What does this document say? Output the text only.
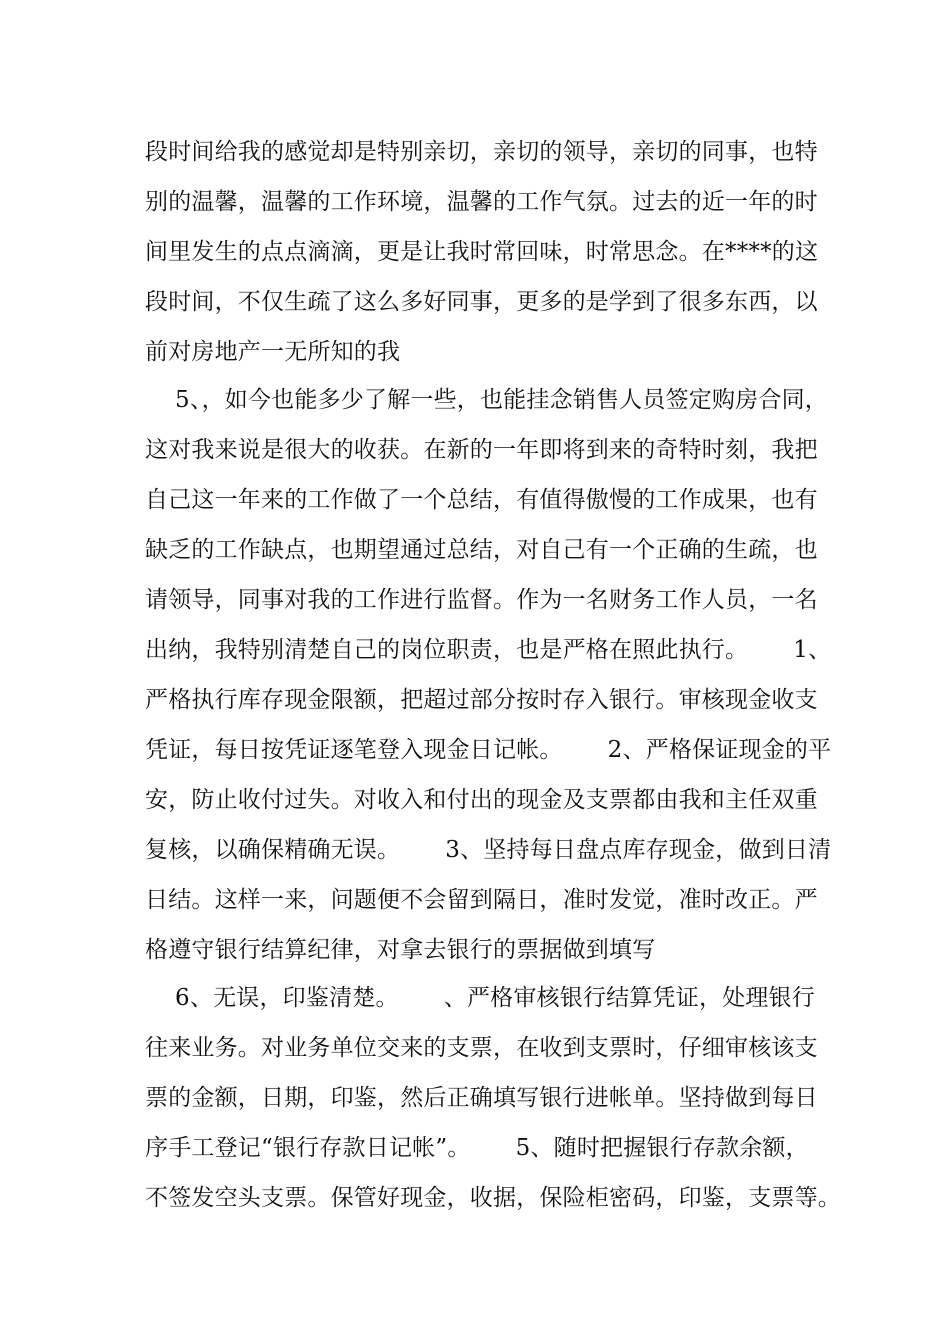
段时间给我的感觉却是特别亲切，亲切的领导，亲切的同事，也特
别的温馨，温馨的工作环境，温馨的工作气氛。过去的近一年的时
间里发生的点点滴滴，更是让我时常回味，时常思念。在****的这
段时间，不仅生疏了这么多好同事，更多的是学到了很多东西，以
前对房地产一无所知的我
5、，如今也能多少了解一些，也能挂念销售人员签定购房合同，
这对我来说是很大的收获。在新的一年即将到来的奇特时刻，我把
自己这一年来的工作做了一个总结，有值得傲慢的工作成果，也有
缺乏的工作缺点，也期望通过总结，对自己有一个正确的生疏，也
请领导，同事对我的工作进行监督。作为一名财务工作人员，一名
出纳，我特别清楚自己的岗位职责，也是严格在照此执行。      1、
严格执行库存现金限额，把超过部分按时存入银行。审核现金收支
凭证，每日按凭证逐笔登入现金日记帐。      2、严格保证现金的平
安，防止收付过失。对收入和付出的现金及支票都由我和主任双重
复核，以确保精确无误。      3、坚持每日盘点库存现金，做到日清
日结。这样一来，问题便不会留到隔日，准时发觉，准时改正。严
格遵守银行结算纪律，对拿去银行的票据做到填写
6、无误，印鉴清楚。      、严格审核银行结算凭证，处理银行
往来业务。对业务单位交来的支票，在收到支票时，仔细审核该支
票的金额，日期，印鉴，然后正确填写银行进帐单。坚持做到每日
序手工登记“银行存款日记帐”。      5、随时把握银行存款余额，
不签发空头支票。保管好现金，收据，保险柜密码，印鉴，支票等。
